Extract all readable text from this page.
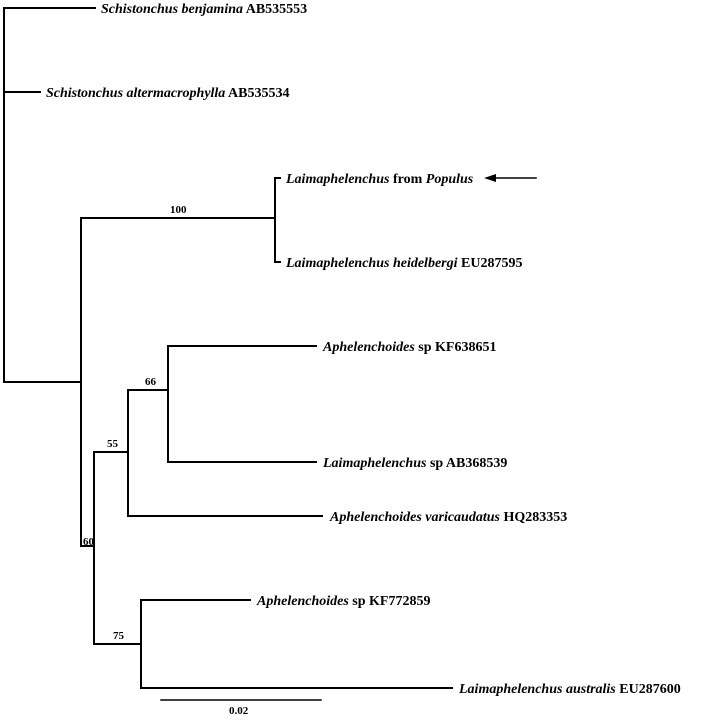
Schistonchus benjamina AB535553
Schistonchus altermacrophylla AB535534
Laimaphelenchus from Populus
Laimaphelenchus heidelbergi EU287595
Aphelenchoides sp KF638651
Laimaphelenchus sp AB368539
Aphelenchoides varicaudatus HQ283353
Aphelenchoides sp KF772859
Laimaphelenchus australis EU287600
100
66
55
60
75
0.02
